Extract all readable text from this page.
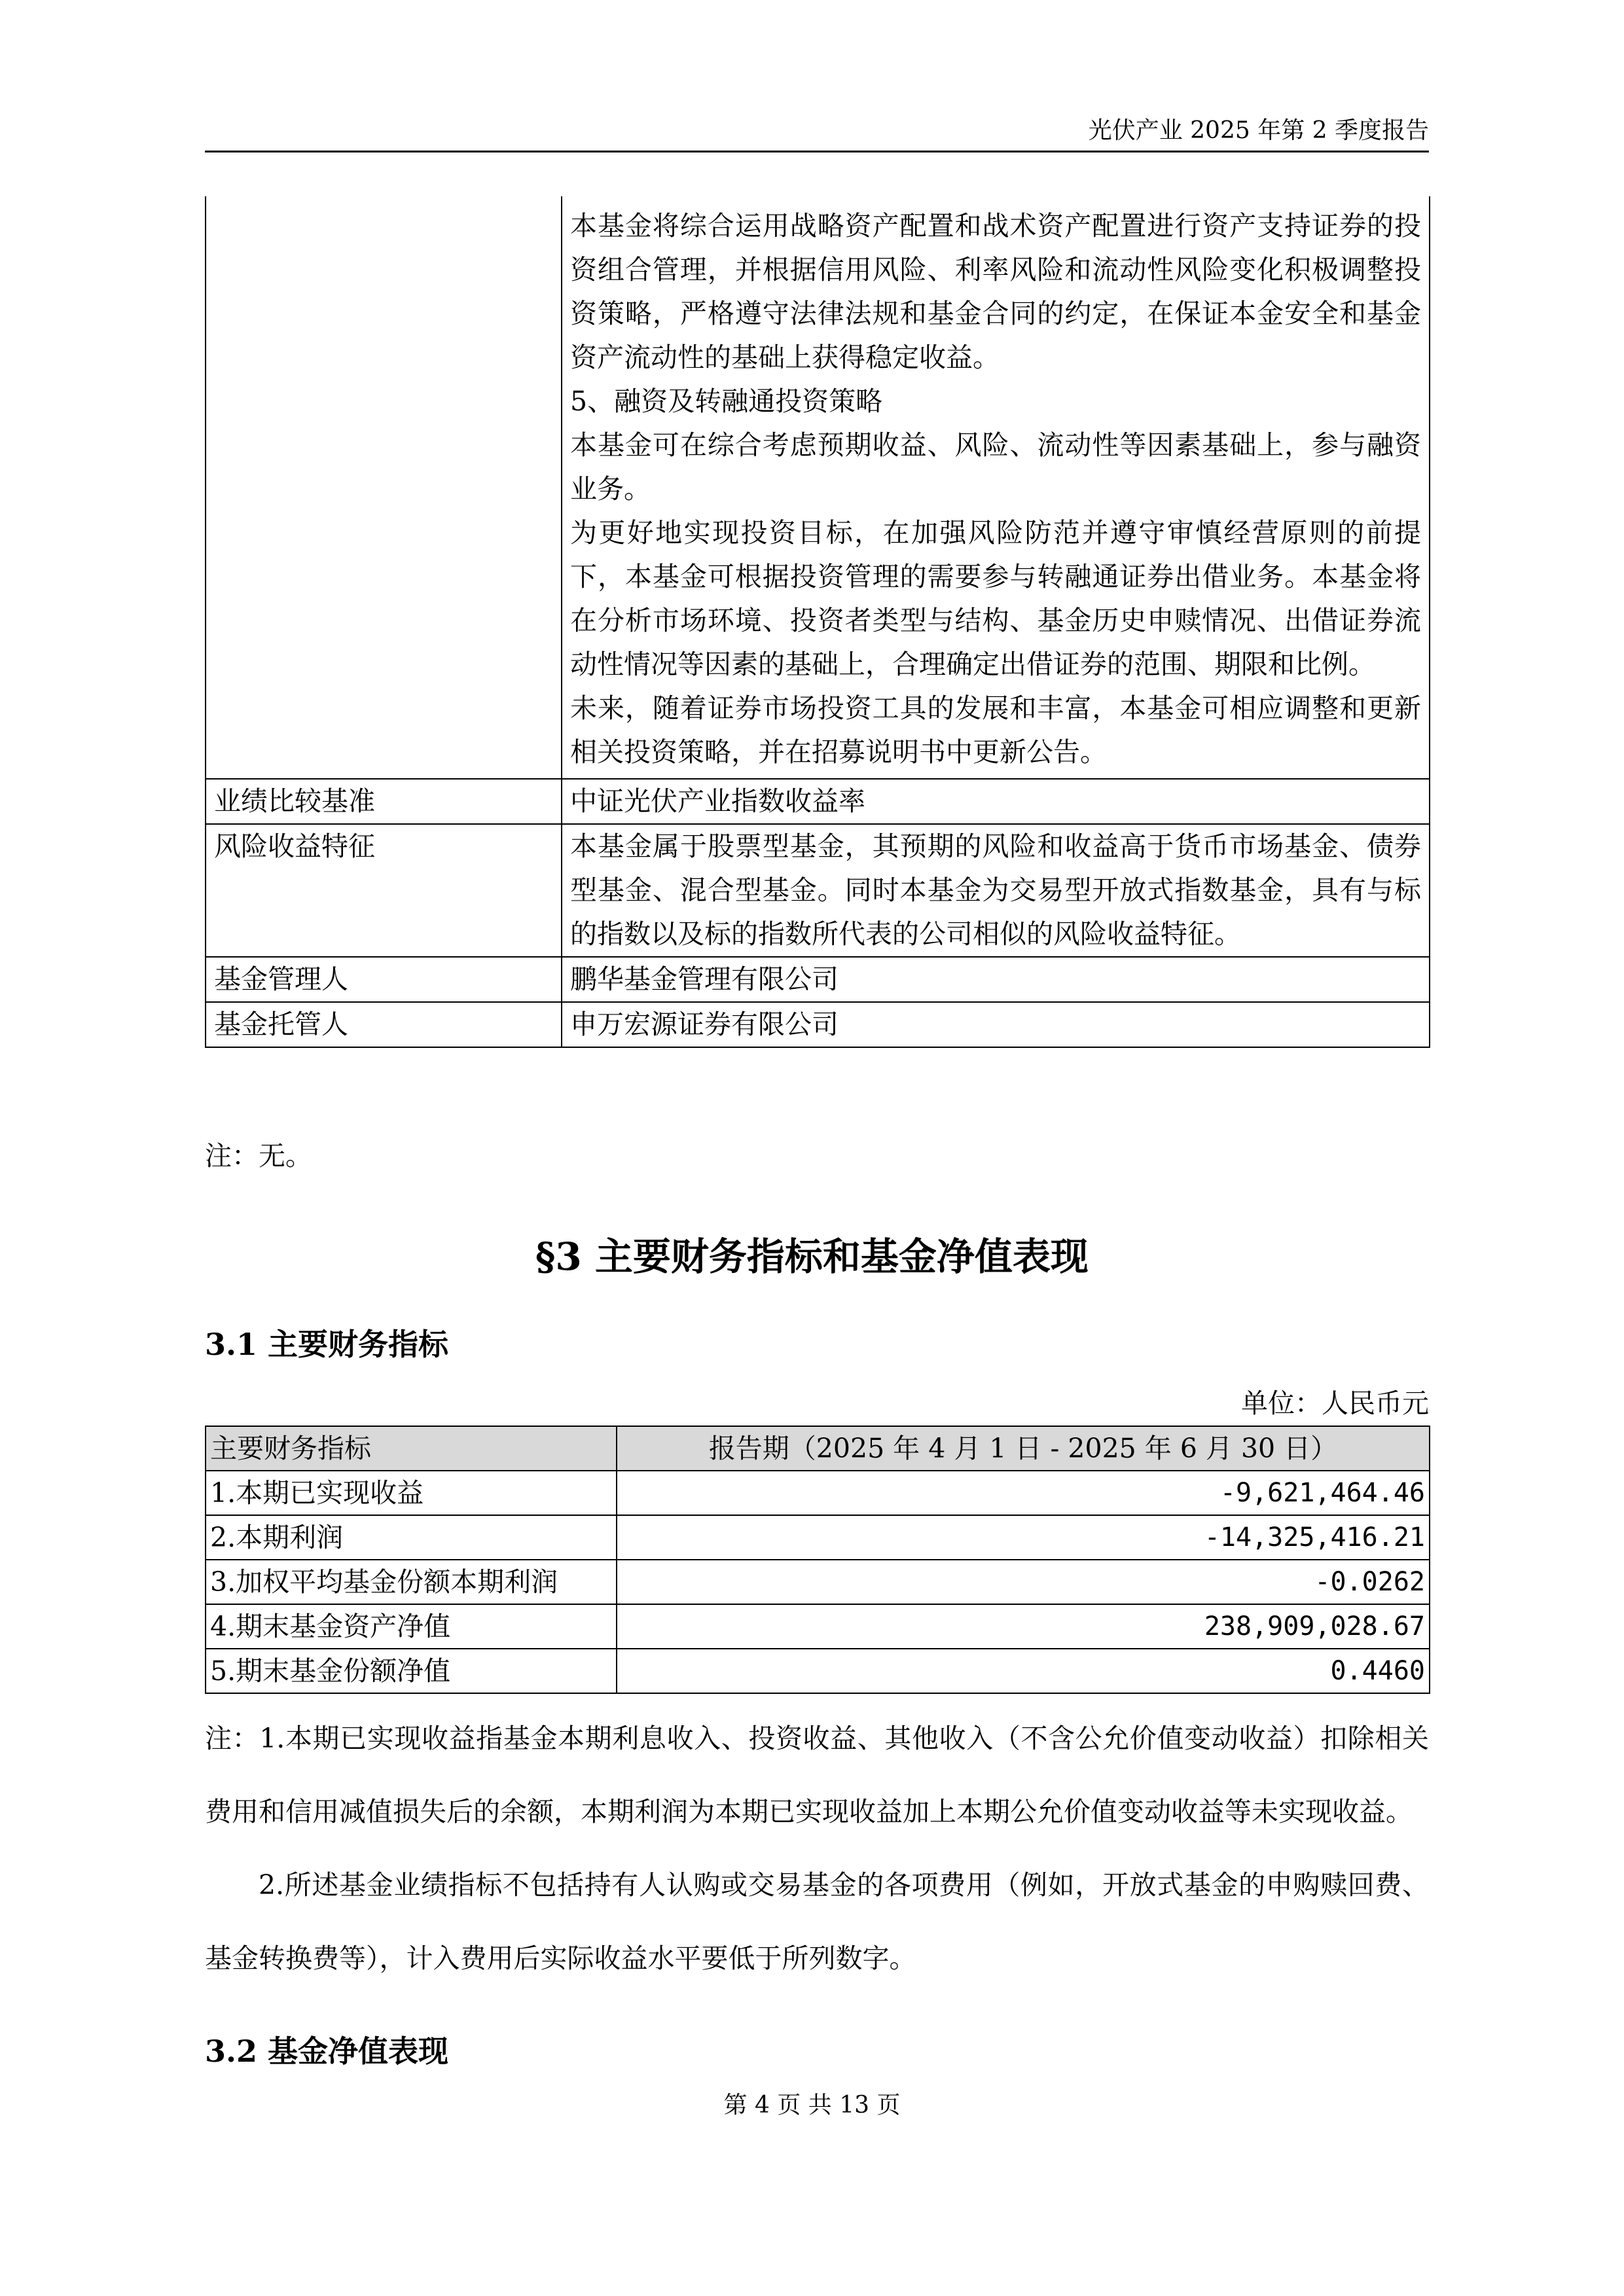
光伏产业 2025 年第 2 季度报告

	本基金将综合运用战略资产配置和战术资产配置进行资产支持证券的投资组合管理，并根据信用风险、利率风险和流动性风险变化积极调整投资策略，严格遵守法律法规和基金合同的约定，在保证本金安全和基金资产流动性的基础上获得稳定收益。
5、融资及转融通投资策略
本基金可在综合考虑预期收益、风险、流动性等因素基础上，参与融资业务。
为更好地实现投资目标，在加强风险防范并遵守审慎经营原则的前提下，本基金可根据投资管理的需要参与转融通证券出借业务。本基金将在分析市场环境、投资者类型与结构、基金历史申赎情况、出借证券流动性情况等因素的基础上，合理确定出借证券的范围、期限和比例。
未来，随着证券市场投资工具的发展和丰富，本基金可相应调整和更新相关投资策略，并在招募说明书中更新公告。

业绩比较基准	中证光伏产业指数收益率
风险收益特征	本基金属于股票型基金，其预期的风险和收益高于货币市场基金、债券型基金、混合型基金。同时本基金为交易型开放式指数基金，具有与标的指数以及标的指数所代表的公司相似的风险收益特征。
基金管理人	鹏华基金管理有限公司
基金托管人	申万宏源证券有限公司
注：无。
§3 主要财务指标和基金净值表现
3.1 主要财务指标
单位：人民币元
主要财务指标	报告期（2025 年 4 月 1 日 - 2025 年 6 月 30 日）
1.本期已实现收益	-9,621,464.46
2.本期利润	-14,325,416.21
3.加权平均基金份额本期利润	-0.0262
4.期末基金资产净值	238,909,028.67
5.期末基金份额净值	0.4460

注：1.本期已实现收益指基金本期利息收入、投资收益、其他收入（不含公允价值变动收益）扣除相关费用和信用减值损失后的余额，本期利润为本期已实现收益加上本期公允价值变动收益等未实现收益。

2.所述基金业绩指标不包括持有人认购或交易基金的各项费用（例如，开放式基金的申购赎回费、基金转换费等），计入费用后实际收益水平要低于所列数字。

3.2 基金净值表现
第 4 页 共 13 页
